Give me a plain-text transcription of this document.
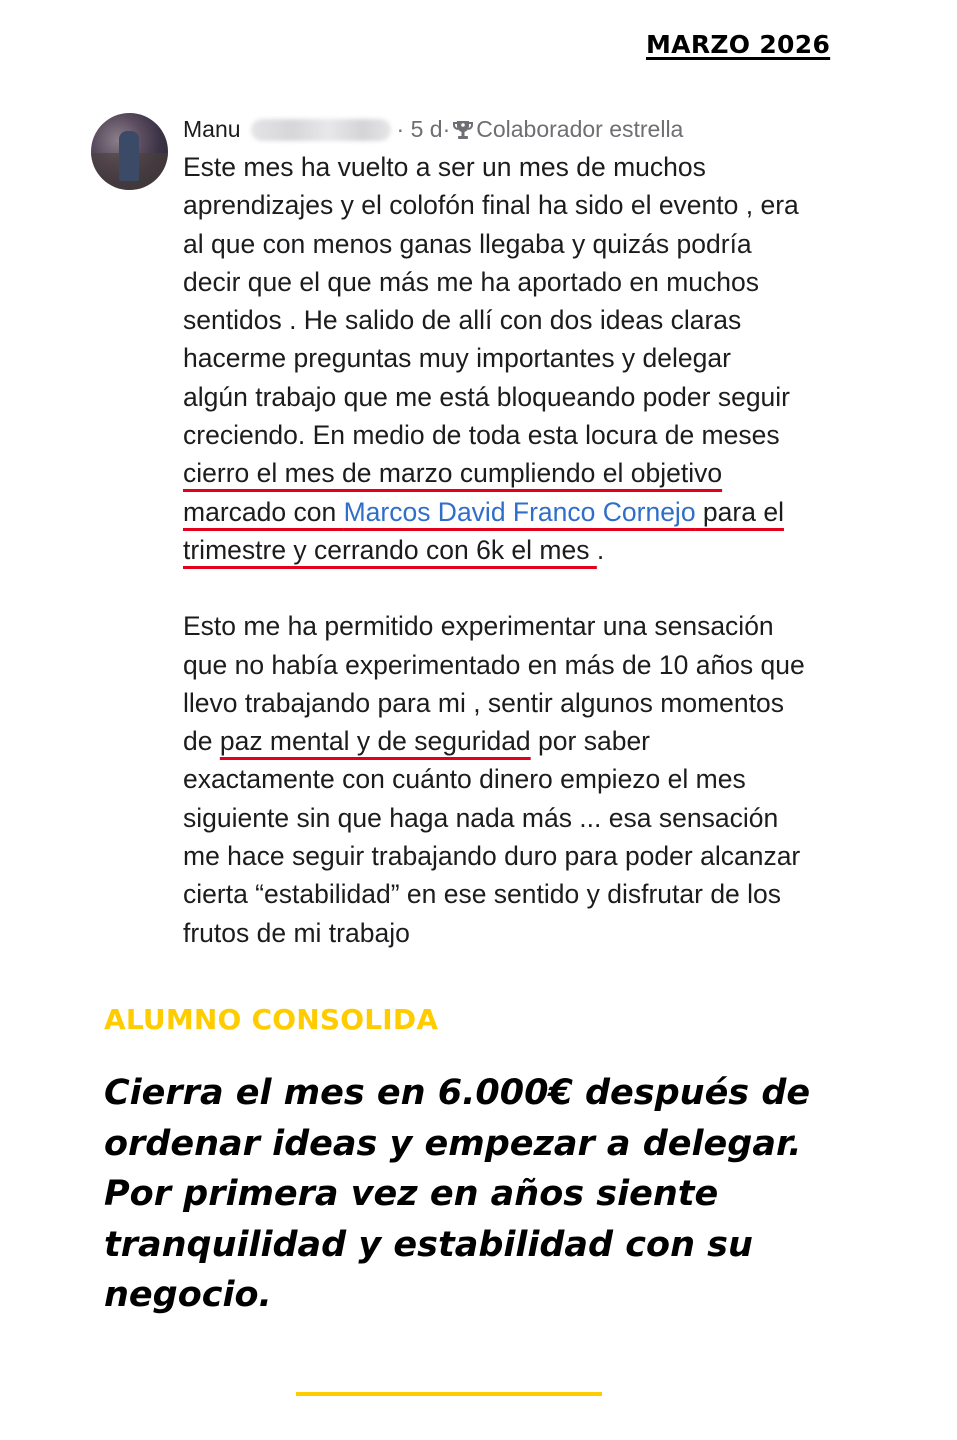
MARZO 2026
Manu	· 5 d· Colaborador estrella

Este mes ha vuelto a ser un mes de muchos

aprendizajes y el colofón final ha sido el evento , era

al que con menos ganas llegaba y quizás podría

decir que el que más me ha aportado en muchos

sentidos . He salido de allí con dos ideas claras

hacerme preguntas muy importantes y delegar

algún trabajo que me está bloqueando poder seguir

creciendo. En medio de toda esta locura de meses

cierro el mes de marzo cumpliendo el objetivo

marcado con Marcos David Franco Cornejo para el

trimestre y cerrando con 6k el mes .

Esto me ha permitido experimentar una sensación

que no había experimentado en más de 10 años que

llevo trabajando para mi , sentir algunos momentos

de paz mental y de seguridad por saber

exactamente con cuánto dinero empiezo el mes

siguiente sin que haga nada más ... esa sensación

me hace seguir trabajando duro para poder alcanzar

cierta “estabilidad” en ese sentido y disfrutar de los

frutos de mi trabajo

ALUMNO CONSOLIDA

Cierra el mes en 6.000€ después de

ordenar ideas y empezar a delegar.

Por primera vez en años siente

tranquilidad y estabilidad con su

negocio.
